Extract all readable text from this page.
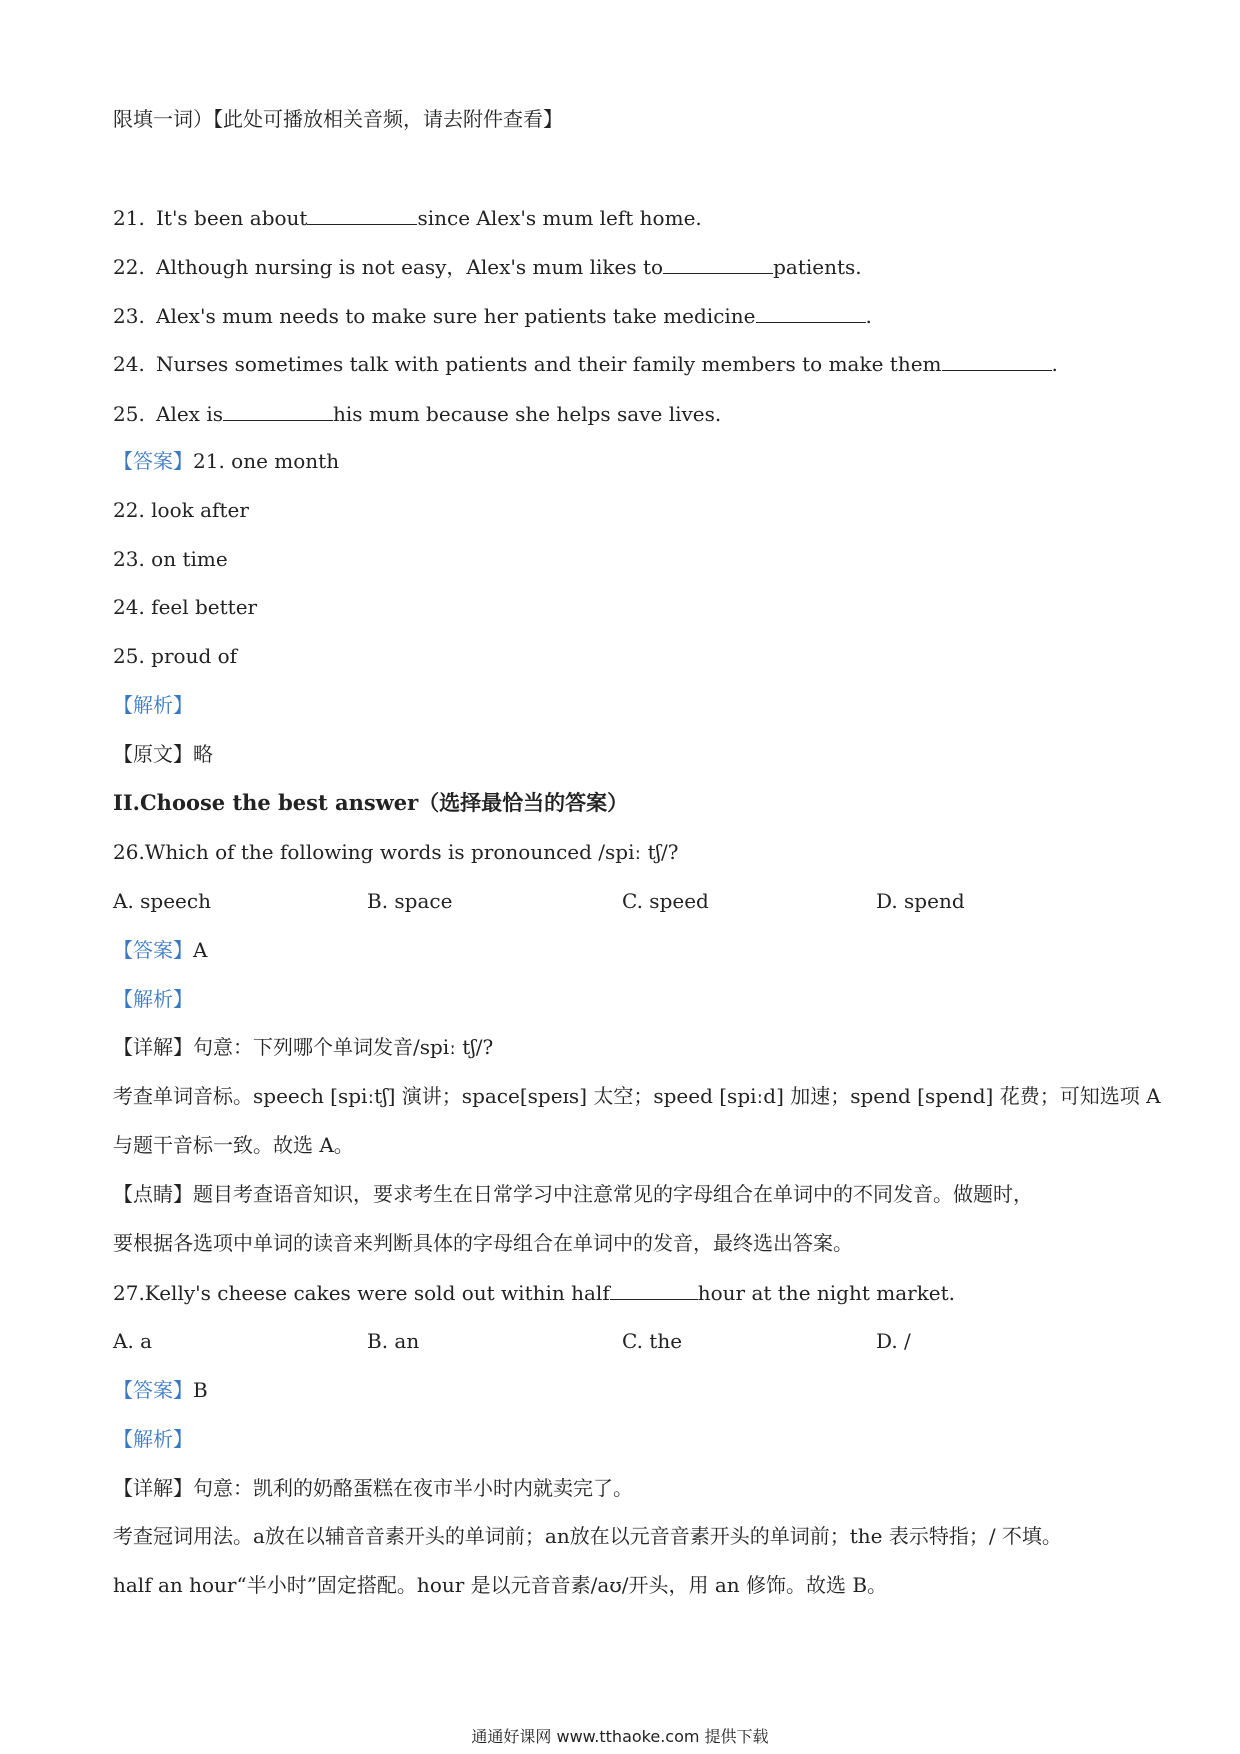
限填一词）【此处可播放相关音频，请去附件查看】
21. It's been about	since Alex's mum left home.
22. Although nursing is not easy，Alex's mum likes to	patients.
23. Alex's mum needs to make sure her patients take medicine	.
24. Nurses sometimes talk with patients and their family members to make them	.
25. Alex is	his mum because she helps save lives.
【答案】21. one month
22. look after
23. on time
24. feel better
25. proud of
【解析】
【原文】略
II.Choose the best answer（选择最恰当的答案）
26.Which of the following words is pronounced /spiː tʃ/?
A. speech	B. space	C. speed	D. spend
【答案】A
【解析】
【详解】句意：下列哪个单词发音/spiː tʃ/?
考查单词音标。speech [spiːtʃ] 演讲；space[speɪs] 太空；speed [spiːd] 加速；spend [spend] 花费；可知选项 A
与题干音标一致。故选 A。
【点睛】题目考查语音知识，要求考生在日常学习中注意常见的字母组合在单词中的不同发音。做题时，
要根据各选项中单词的读音来判断具体的字母组合在单词中的发音，最终选出答案。
27.Kelly's cheese cakes were sold out within half	hour at the night market.
A. a	B. an	C. the	D. /
【答案】B
【解析】
【详解】句意：凯利的奶酪蛋糕在夜市半小时内就卖完了。
考查冠词用法。a放在以辅音音素开头的单词前；an放在以元音音素开头的单词前；the 表示特指；/ 不填。
half an hour“半小时”固定搭配。hour 是以元音音素/aʊ/开头，用 an 修饰。故选 B。
通通好课网 www.tthaoke.com 提供下载
